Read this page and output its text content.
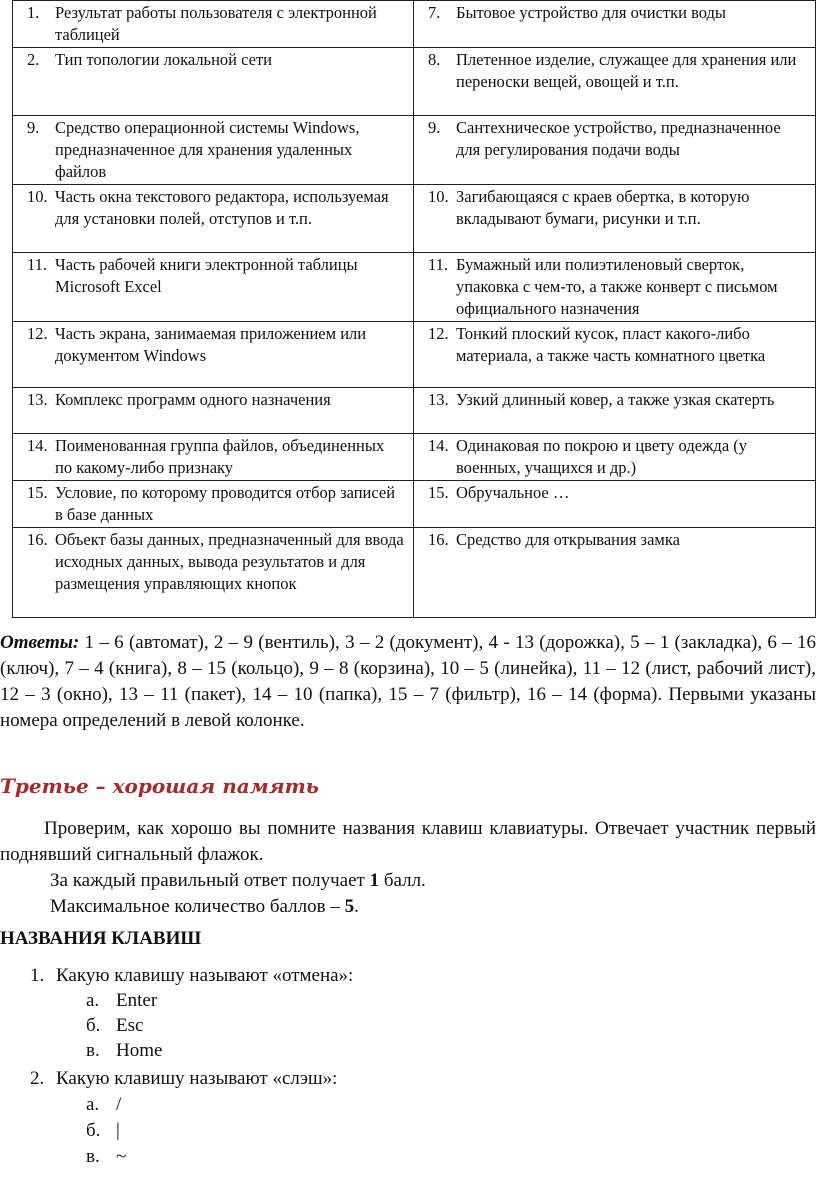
1. Результат работы пользователя с электронной таблицей	7. Бытовое устройство для очистки воды

2. Тип топологии локальной сети	8. Плетенное изделие, служащее для хранения или переноски вещей, овощей и т.п.

9. Средство операционной системы Windows, предназначенное для хранения удаленных файлов	9. Сантехническое устройство, предназначенное для регулирования подачи воды

10. Часть окна текстового редактора, используемая для установки полей, отступов и т.п.	10. Загибающаяся с краев обертка, в которую вкладывают бумаги, рисунки и т.п.

11. Часть рабочей книги электронной таблицы Microsoft Excel	11. Бумажный или полиэтиленовый сверток, упаковка с чем-то, а также конверт с письмом официального назначения

12. Часть экрана, занимаемая приложением или документом Windows	12. Тонкий плоский кусок, пласт какого-либо материала, а также часть комнатного цветка

13. Комплекс программ одного назначения	13. Узкий длинный ковер, а также узкая скатерть

14. Поименованная группа файлов, объединенных по какому-либо признаку	14. Одинаковая по покрою и цвету одежда (у военных, учащихся и др.)

15. Условие, по которому проводится отбор записей в базе данных	15. Обручальное …

16. Объект базы данных, предназначенный для ввода исходных данных, вывода результатов и для размещения управляющих кнопок	16. Средство для открывания замка

Ответы: 1 – 6 (автомат), 2 – 9 (вентиль), 3 – 2 (документ), 4 - 13 (дорожка), 5 – 1 (закладка), 6 – 16 (ключ), 7 – 4 (книга), 8 – 15 (кольцо), 9 – 8 (корзина), 10 – 5 (линейка), 11 – 12 (лист, рабочий лист), 12 – 3 (окно), 13 – 11 (пакет), 14 – 10 (папка), 15 – 7 (фильтр), 16 – 14 (форма). Первыми указаны номера определений в левой колонке.

Третье – хорошая память

Проверим, как хорошо вы помните названия клавиш клавиатуры. Отвечает участник первый поднявший сигнальный флажок.

За каждый правильный ответ получает 1 балл.

Максимальное количество баллов – 5.

НАЗВАНИЯ КЛАВИШ

1. Какую клавишу называют «отмена»:

а. Enter

б. Esc

в. Home

2. Какую клавишу называют «слэш»:

а. /

б. |

в. ~
